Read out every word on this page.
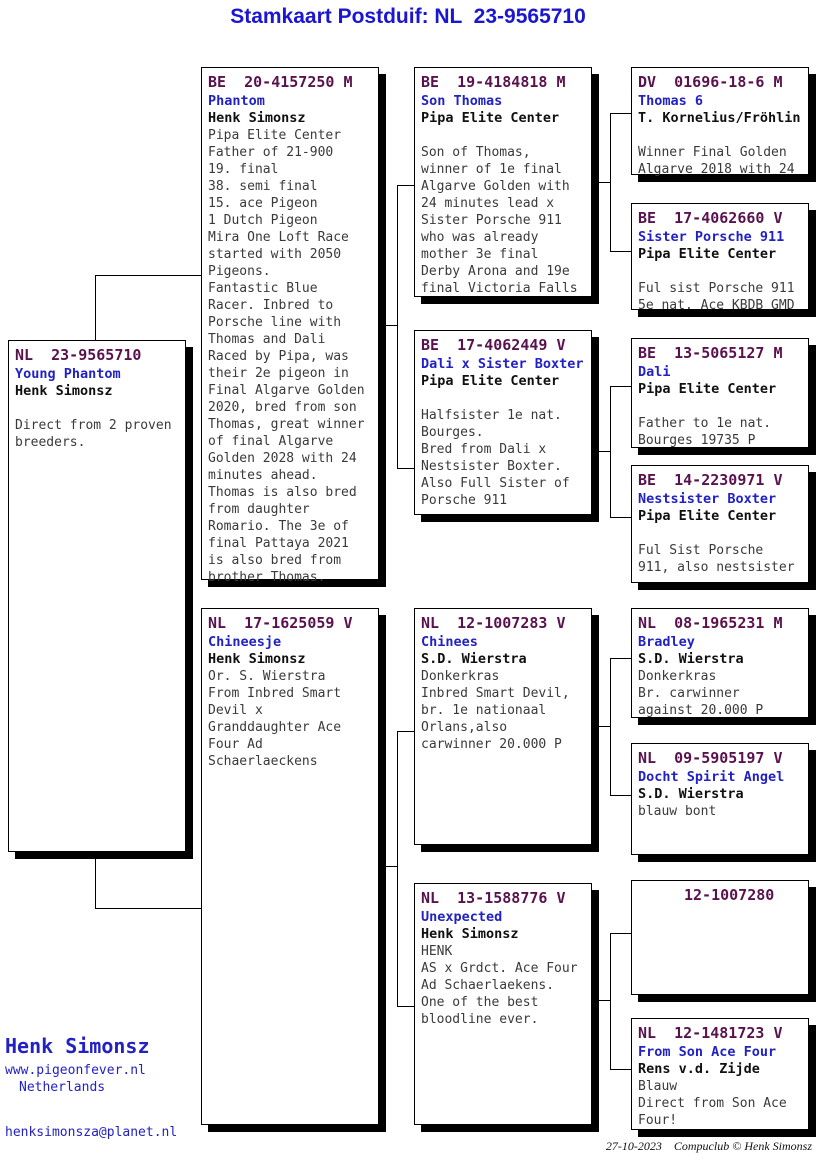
Stamkaart Postduif: NL  23-9565710
NL  23-9565710
Young Phantom
Henk Simonsz

Direct from 2 proven
breeders.
BE  20-4157250 M
Phantom
Henk Simonsz
Pipa Elite Center
Father of 21-900
19. final
38. semi final
15. ace Pigeon
1 Dutch Pigeon
Mira One Loft Race
started with 2050
Pigeons.
Fantastic Blue
Racer. Inbred to
Porsche line with
Thomas and Dali
Raced by Pipa, was
their 2e pigeon in
Final Algarve Golden
2020, bred from son
Thomas, great winner
of final Algarve
Golden 2028 with 24
minutes ahead.
Thomas is also bred
from daughter
Romario. The 3e of
final Pattaya 2021
is also bred from
brother Thomas.
NL  17-1625059 V
Chineesje
Henk Simonsz
Or. S. Wierstra
From Inbred Smart
Devil x
Granddaughter Ace
Four Ad
Schaerlaeckens
BE  19-4184818 M
Son Thomas
Pipa Elite Center

Son of Thomas,
winner of 1e final
Algarve Golden with
24 minutes lead x
Sister Porsche 911
who was already
mother 3e final
Derby Arona and 19e
final Victoria Falls
BE  17-4062449 V
Dali x Sister Boxter
Pipa Elite Center

Halfsister 1e nat.
Bourges.
Bred from Dali x
Nestsister Boxter.
Also Full Sister of
Porsche 911
NL  12-1007283 V
Chinees
S.D. Wierstra
Donkerkras
Inbred Smart Devil,
br. 1e nationaal
Orlans,also
carwinner 20.000 P
NL  13-1588776 V
Unexpected
Henk Simonsz
HENK
AS x Grdct. Ace Four
Ad Schaerlaekens.
One of the best
bloodline ever.
DV  01696-18-6 M
Thomas 6
T. Kornelius/Fröhlin

Winner Final Golden
Algarve 2018 with 24
BE  17-4062660 V
Sister Porsche 911
Pipa Elite Center

Ful sist Porsche 911
5e nat. Ace KBDB GMD
BE  13-5065127 M
Dali
Pipa Elite Center

Father to 1e nat.
Bourges 19735 P
BE  14-2230971 V
Nestsister Boxter
Pipa Elite Center

Ful Sist Porsche
911, also nestsister
NL  08-1965231 M
Bradley
S.D. Wierstra
Donkerkras
Br. carwinner
against 20.000 P
NL  09-5905197 V
Docht Spirit Angel
S.D. Wierstra
blauw bont
12-1007280
NL  12-1481723 V
From Son Ace Four
Rens v.d. Zijde
Blauw
Direct from Son Ace
Four!
Henk Simonsz
www.pigeonfever.nl
Netherlands
henksimonsza@planet.nl
27-10-2023 Compuclub © Henk Simonsz
